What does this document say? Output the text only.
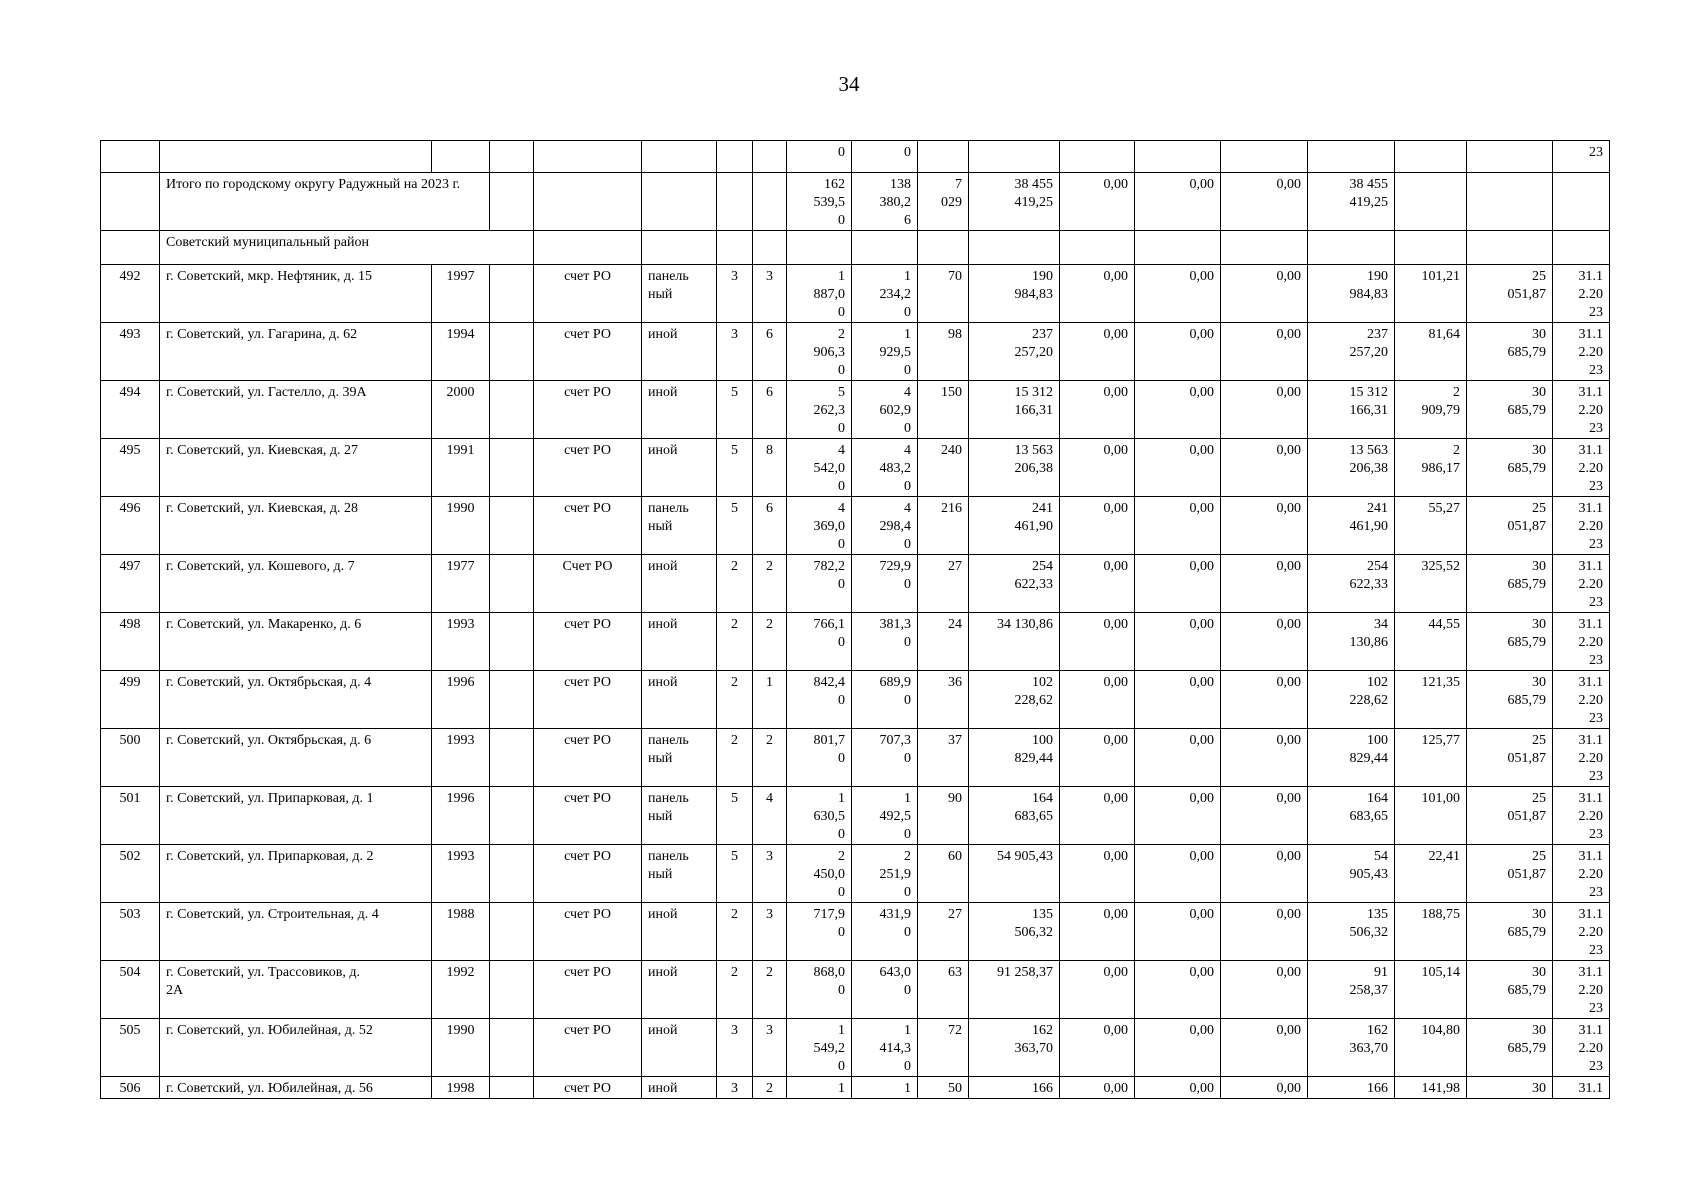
34
								0	0									23
	Итого по городскому округу Радужный на 2023 г.							162
539,5
0	138
380,2
6	7
029	38 455
419,25	0,00	0,00	0,00	38 455
419,25			
	Советский муниципальный район																	
492	г. Советский, мкр. Нефтяник, д. 15	1997		счет РО	панель
ный	3	3	1
887,0
0	1
234,2
0	70	190
984,83	0,00	0,00	0,00	190
984,83	101,21	25
051,87	31.1
2.20
23
493	г. Советский, ул. Гагарина, д. 62	1994		счет РО	иной	3	6	2
906,3
0	1
929,5
0	98	237
257,20	0,00	0,00	0,00	237
257,20	81,64	30
685,79	31.1
2.20
23
494	г. Советский, ул. Гастелло, д. 39А	2000		счет РО	иной	5	6	5
262,3
0	4
602,9
0	150	15 312
166,31	0,00	0,00	0,00	15 312
166,31	2
909,79	30
685,79	31.1
2.20
23
495	г. Советский, ул. Киевская, д. 27	1991		счет РО	иной	5	8	4
542,0
0	4
483,2
0	240	13 563
206,38	0,00	0,00	0,00	13 563
206,38	2
986,17	30
685,79	31.1
2.20
23
496	г. Советский, ул. Киевская, д. 28	1990		счет РО	панель
ный	5	6	4
369,0
0	4
298,4
0	216	241
461,90	0,00	0,00	0,00	241
461,90	55,27	25
051,87	31.1
2.20
23
497	г. Советский, ул. Кошевого, д. 7	1977		Счет РО	иной	2	2	782,2
0	729,9
0	27	254
622,33	0,00	0,00	0,00	254
622,33	325,52	30
685,79	31.1
2.20
23
498	г. Советский, ул. Макаренко, д. 6	1993		счет РО	иной	2	2	766,1
0	381,3
0	24	34 130,86	0,00	0,00	0,00	34
130,86	44,55	30
685,79	31.1
2.20
23
499	г. Советский, ул. Октябрьская, д. 4	1996		счет РО	иной	2	1	842,4
0	689,9
0	36	102
228,62	0,00	0,00	0,00	102
228,62	121,35	30
685,79	31.1
2.20
23
500	г. Советский, ул. Октябрьская, д. 6	1993		счет РО	панель
ный	2	2	801,7
0	707,3
0	37	100
829,44	0,00	0,00	0,00	100
829,44	125,77	25
051,87	31.1
2.20
23
501	г. Советский, ул. Припарковая, д. 1	1996		счет РО	панель
ный	5	4	1
630,5
0	1
492,5
0	90	164
683,65	0,00	0,00	0,00	164
683,65	101,00	25
051,87	31.1
2.20
23
502	г. Советский, ул. Припарковая, д. 2	1993		счет РО	панель
ный	5	3	2
450,0
0	2
251,9
0	60	54 905,43	0,00	0,00	0,00	54
905,43	22,41	25
051,87	31.1
2.20
23
503	г. Советский, ул. Строительная, д. 4	1988		счет РО	иной	2	3	717,9
0	431,9
0	27	135
506,32	0,00	0,00	0,00	135
506,32	188,75	30
685,79	31.1
2.20
23
504	г. Советский, ул. Трассовиков, д.
2А	1992		счет РО	иной	2	2	868,0
0	643,0
0	63	91 258,37	0,00	0,00	0,00	91
258,37	105,14	30
685,79	31.1
2.20
23
505	г. Советский, ул. Юбилейная, д. 52	1990		счет РО	иной	3	3	1
549,2
0	1
414,3
0	72	162
363,70	0,00	0,00	0,00	162
363,70	104,80	30
685,79	31.1
2.20
23
506	г. Советский, ул. Юбилейная, д. 56	1998		счет РО	иной	3	2	1	1	50	166	0,00	0,00	0,00	166	141,98	30	31.1
